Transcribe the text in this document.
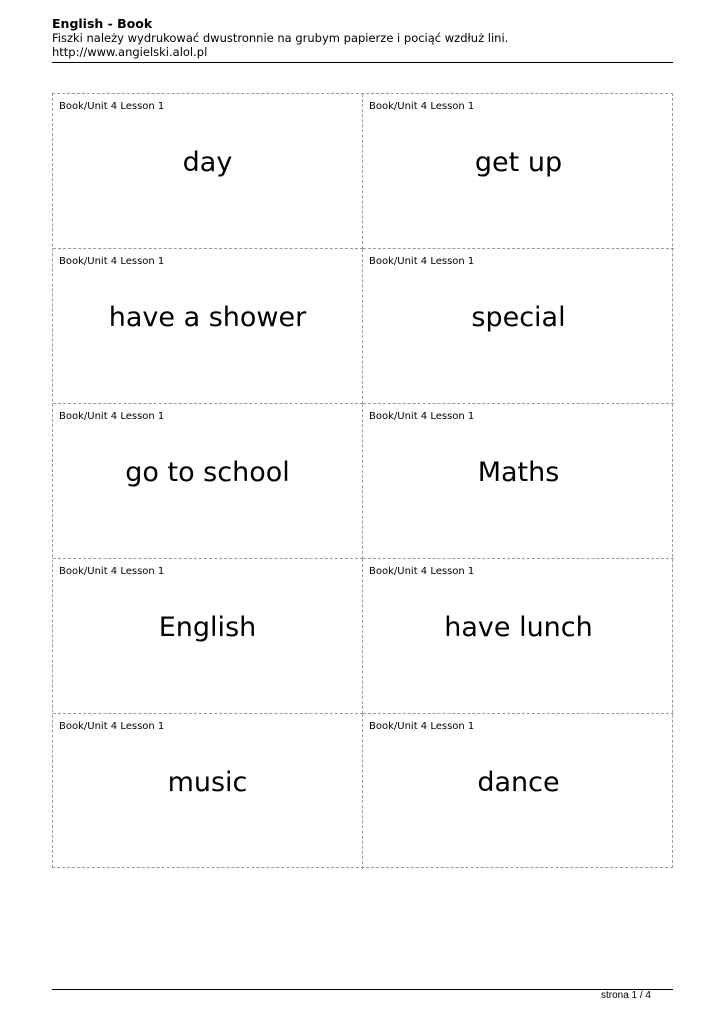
English - Book
Fiszki należy wydrukować dwustronnie na grubym papierze i pociąć wzdłuż lini.
http://www.angielski.alol.pl
Book/Unit 4 Lesson 1
day
Book/Unit 4 Lesson 1
get up
Book/Unit 4 Lesson 1
have a shower
Book/Unit 4 Lesson 1
special
Book/Unit 4 Lesson 1
go to school
Book/Unit 4 Lesson 1
Maths
Book/Unit 4 Lesson 1
English
Book/Unit 4 Lesson 1
have lunch
Book/Unit 4 Lesson 1
music
Book/Unit 4 Lesson 1
dance
strona 1 / 4
